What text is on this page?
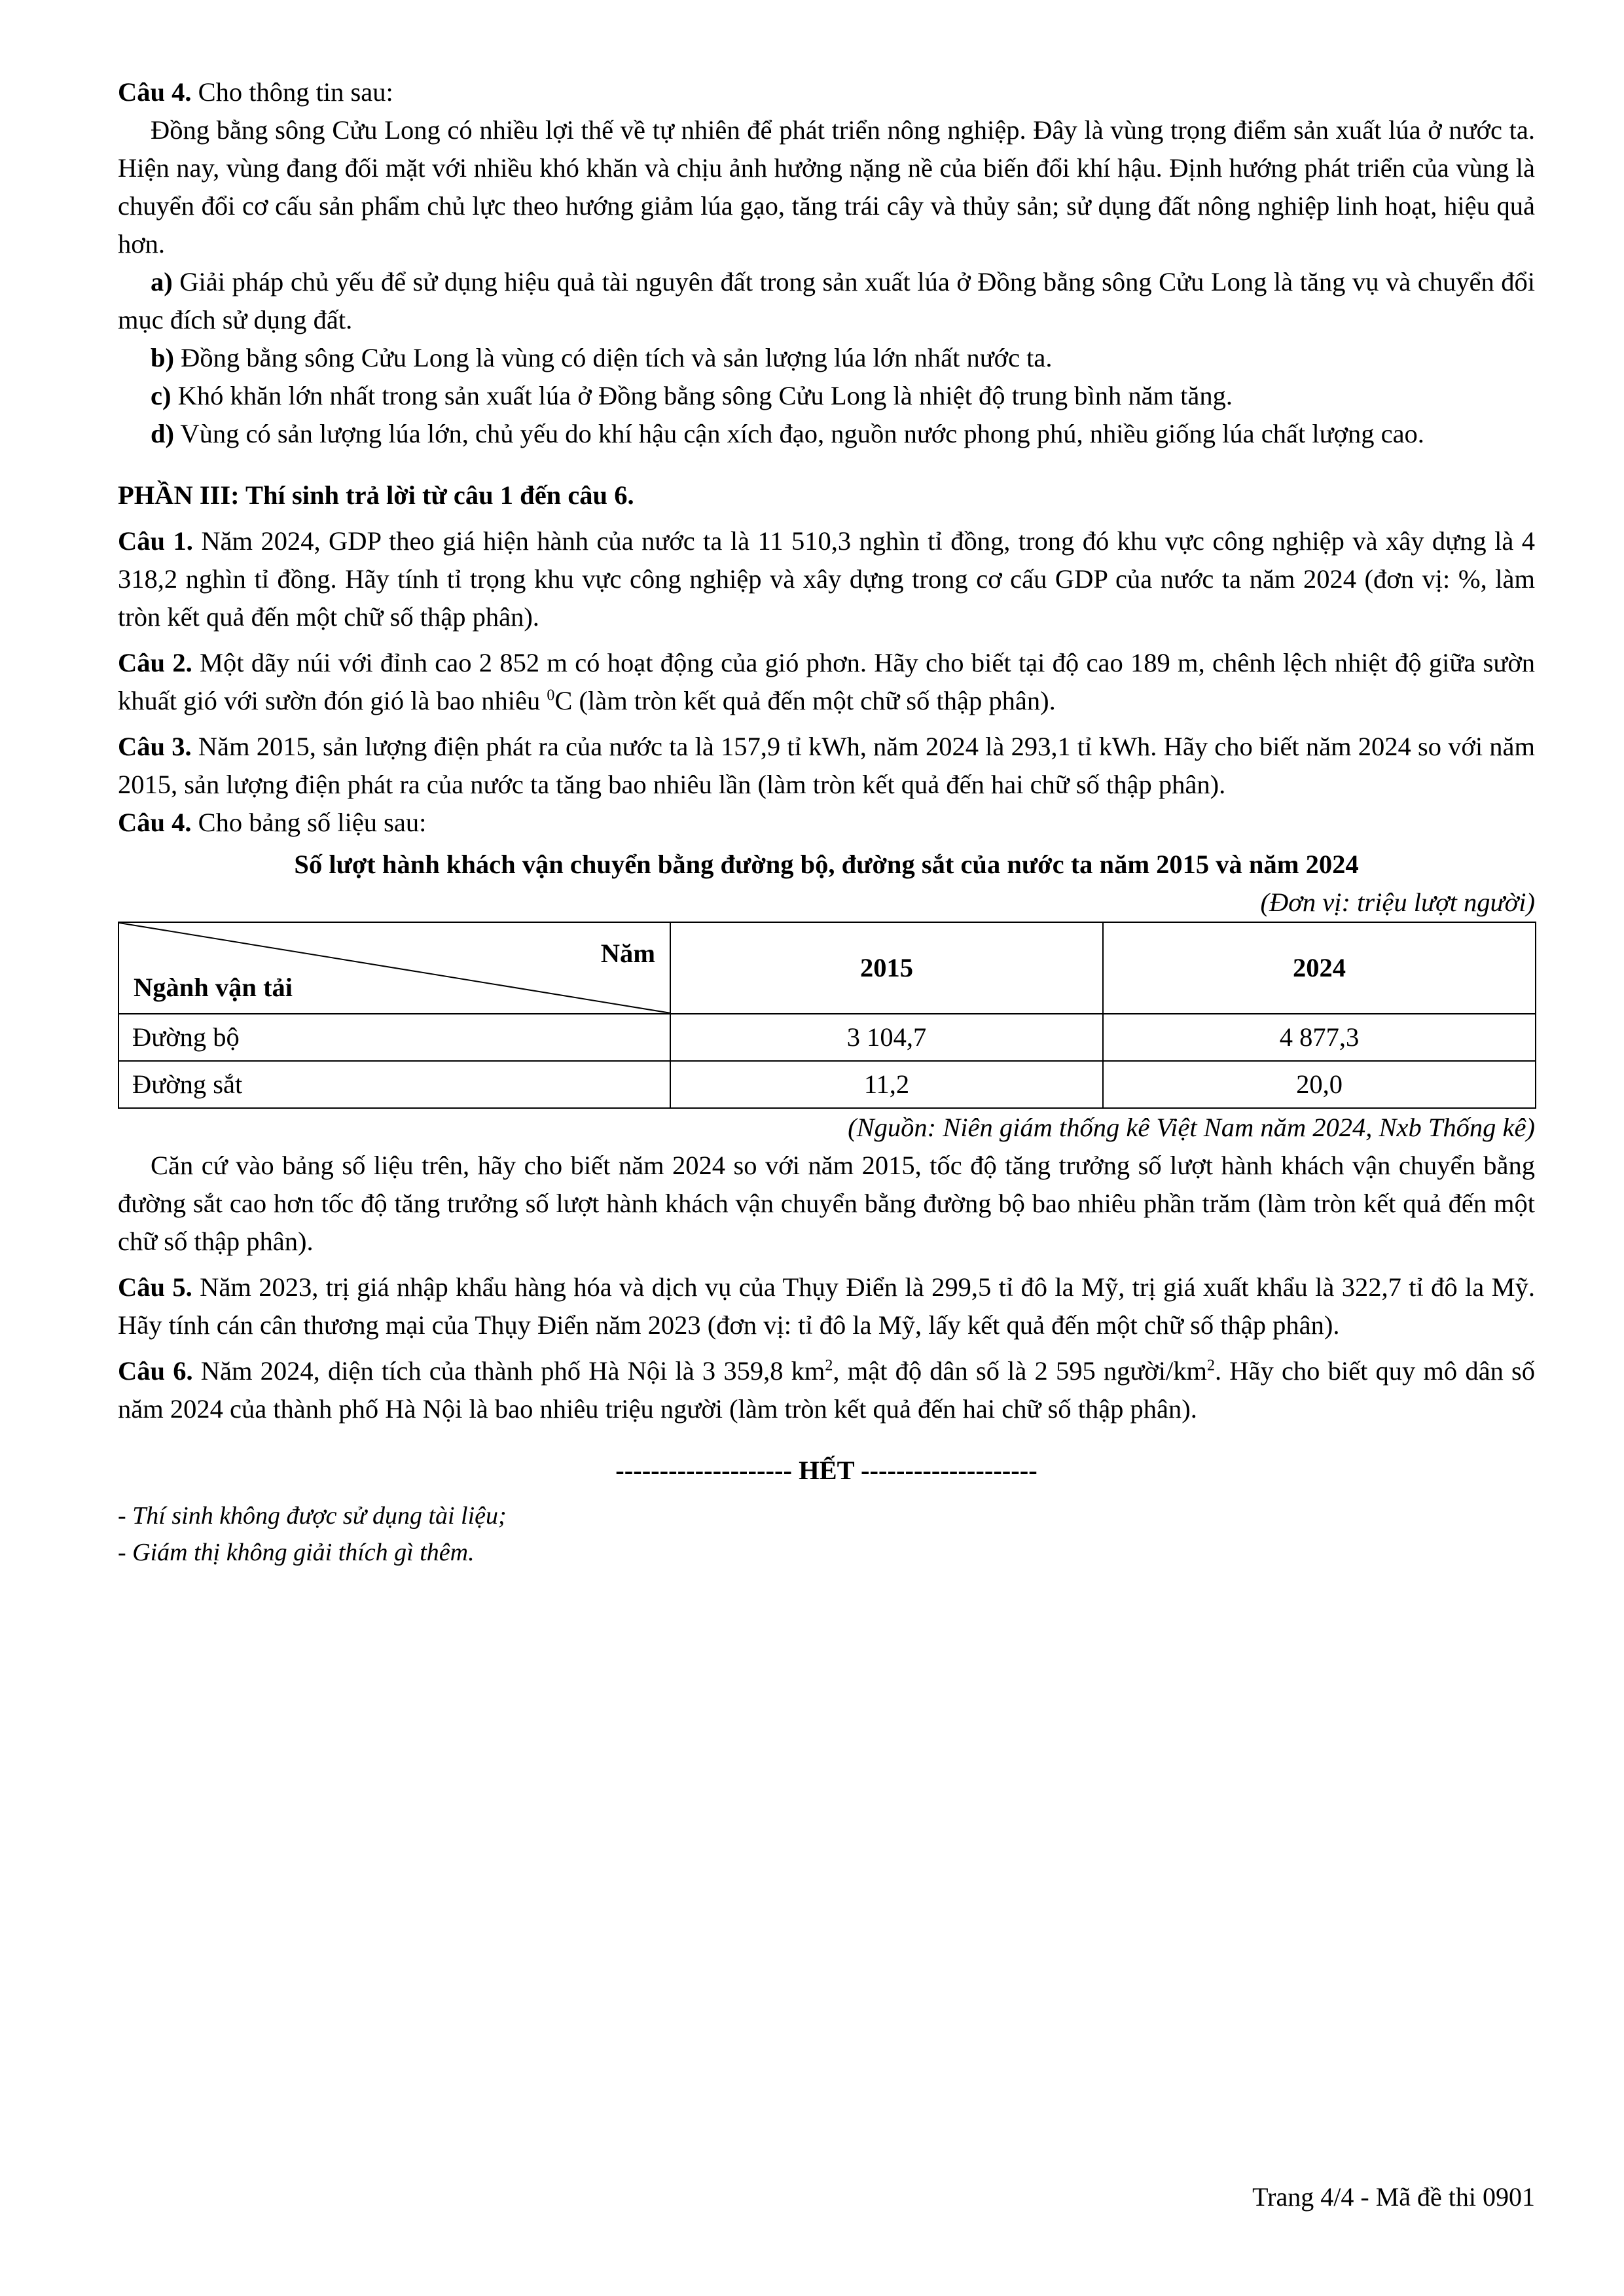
Câu 4. Cho thông tin sau:

Đồng bằng sông Cửu Long có nhiều lợi thế về tự nhiên để phát triển nông nghiệp. Đây là vùng trọng điểm sản xuất lúa ở nước ta. Hiện nay, vùng đang đối mặt với nhiều khó khăn và chịu ảnh hưởng nặng nề của biến đổi khí hậu. Định hướng phát triển của vùng là chuyển đổi cơ cấu sản phẩm chủ lực theo hướng giảm lúa gạo, tăng trái cây và thủy sản; sử dụng đất nông nghiệp linh hoạt, hiệu quả hơn.

a) Giải pháp chủ yếu để sử dụng hiệu quả tài nguyên đất trong sản xuất lúa ở Đồng bằng sông Cửu Long là tăng vụ và chuyển đổi mục đích sử dụng đất.

b) Đồng bằng sông Cửu Long là vùng có diện tích và sản lượng lúa lớn nhất nước ta.

c) Khó khăn lớn nhất trong sản xuất lúa ở Đồng bằng sông Cửu Long là nhiệt độ trung bình năm tăng.

d) Vùng có sản lượng lúa lớn, chủ yếu do khí hậu cận xích đạo, nguồn nước phong phú, nhiều giống lúa chất lượng cao.

PHẦN III: Thí sinh trả lời từ câu 1 đến câu 6.

Câu 1. Năm 2024, GDP theo giá hiện hành của nước ta là 11 510,3 nghìn tỉ đồng, trong đó khu vực công nghiệp và xây dựng là 4 318,2 nghìn tỉ đồng. Hãy tính tỉ trọng khu vực công nghiệp và xây dựng trong cơ cấu GDP của nước ta năm 2024 (đơn vị: %, làm tròn kết quả đến một chữ số thập phân).

Câu 2. Một dãy núi với đỉnh cao 2 852 m có hoạt động của gió phơn. Hãy cho biết tại độ cao 189 m, chênh lệch nhiệt độ giữa sườn khuất gió với sườn đón gió là bao nhiêu $^0$C (làm tròn kết quả đến một chữ số thập phân).

Câu 3. Năm 2015, sản lượng điện phát ra của nước ta là 157,9 tỉ kWh, năm 2024 là 293,1 tỉ kWh. Hãy cho biết năm 2024 so với năm 2015, sản lượng điện phát ra của nước ta tăng bao nhiêu lần (làm tròn kết quả đến hai chữ số thập phân).

Câu 4. Cho bảng số liệu sau:

Số lượt hành khách vận chuyển bằng đường bộ, đường sắt của nước ta năm 2015 và năm 2024

(Đơn vị: triệu lượt người)

Năm
Ngành vận tải	2015	2024
Đường bộ	3 104,7	4 877,3
Đường sắt	11,2	20,0

(Nguồn: Niên giám thống kê Việt Nam năm 2024, Nxb Thống kê)

Căn cứ vào bảng số liệu trên, hãy cho biết năm 2024 so với năm 2015, tốc độ tăng trưởng số lượt hành khách vận chuyển bằng đường sắt cao hơn tốc độ tăng trưởng số lượt hành khách vận chuyển bằng đường bộ bao nhiêu phần trăm (làm tròn kết quả đến một chữ số thập phân).

Câu 5. Năm 2023, trị giá nhập khẩu hàng hóa và dịch vụ của Thụy Điển là 299,5 tỉ đô la Mỹ, trị giá xuất khẩu là 322,7 tỉ đô la Mỹ. Hãy tính cán cân thương mại của Thụy Điển năm 2023 (đơn vị: tỉ đô la Mỹ, lấy kết quả đến một chữ số thập phân).

Câu 6. Năm 2024, diện tích của thành phố Hà Nội là 3 359,8 $km^2$, mật độ dân số là 2 595 người/$km^2$. Hãy cho biết quy mô dân số năm 2024 của thành phố Hà Nội là bao nhiêu triệu người (làm tròn kết quả đến hai chữ số thập phân).

-------------------- HẾT --------------------

- Thí sinh không được sử dụng tài liệu;

- Giám thị không giải thích gì thêm.

Trang 4/4 - Mã đề thi 0901
